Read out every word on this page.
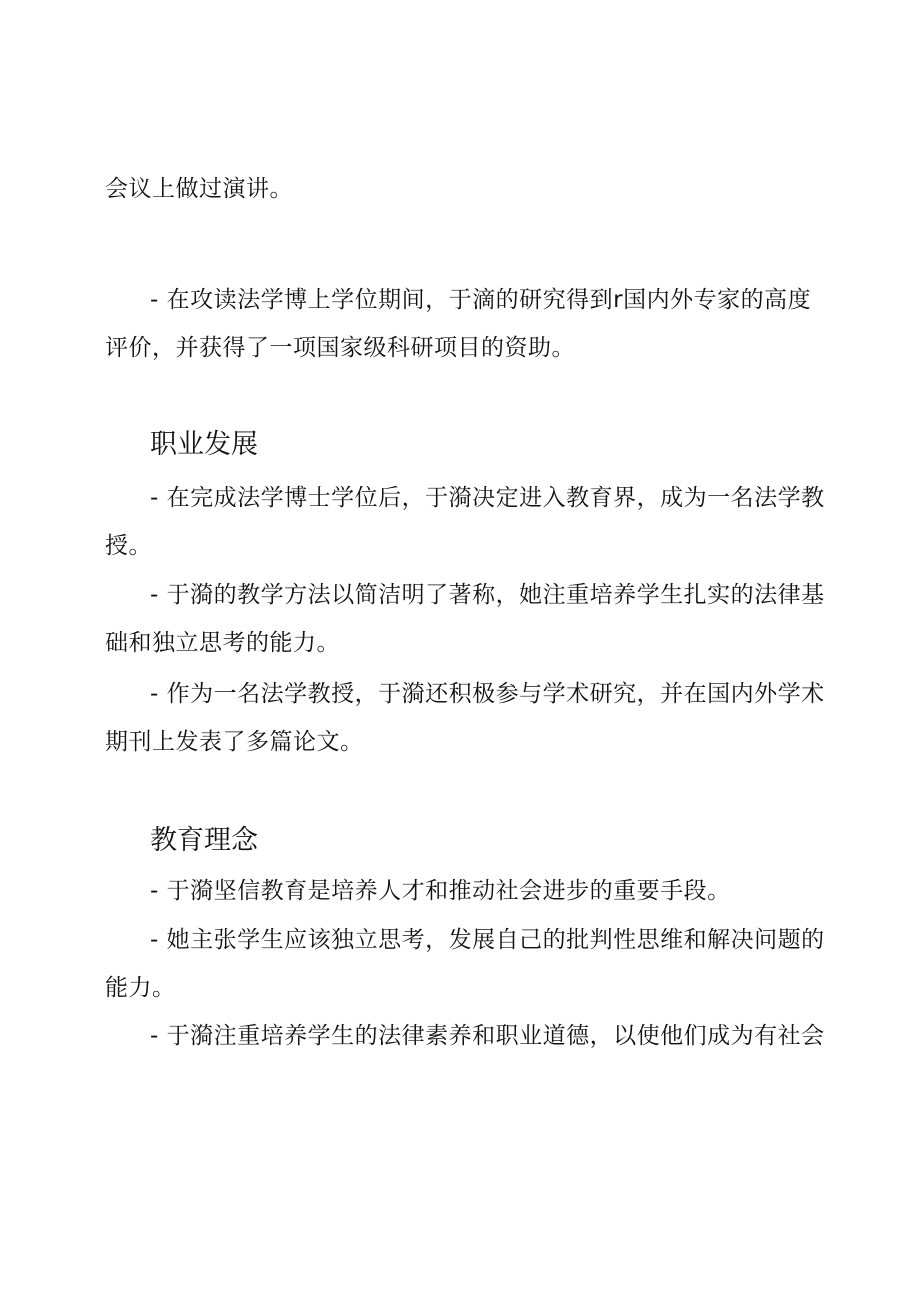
会议上做过演讲。
- 在攻读法学博上学位期间，于滴的研究得到r国内外专家的高度
评价，并获得了一项国家级科研项目的资助。
职业发展
- 在完成法学博士学位后，于漪决定进入教育界，成为一名法学教
授。
- 于漪的教学方法以简洁明了著称，她注重培养学生扎实的法律基
础和独立思考的能力。
- 作为一名法学教授，于漪还积极参与学术研究，并在国内外学术
期刊上发表了多篇论文。
教育理念
- 于漪坚信教育是培养人才和推动社会进步的重要手段。
- 她主张学生应该独立思考，发展自己的批判性思维和解决问题的
能力。
- 于漪注重培养学生的法律素养和职业道德，以使他们成为有社会
